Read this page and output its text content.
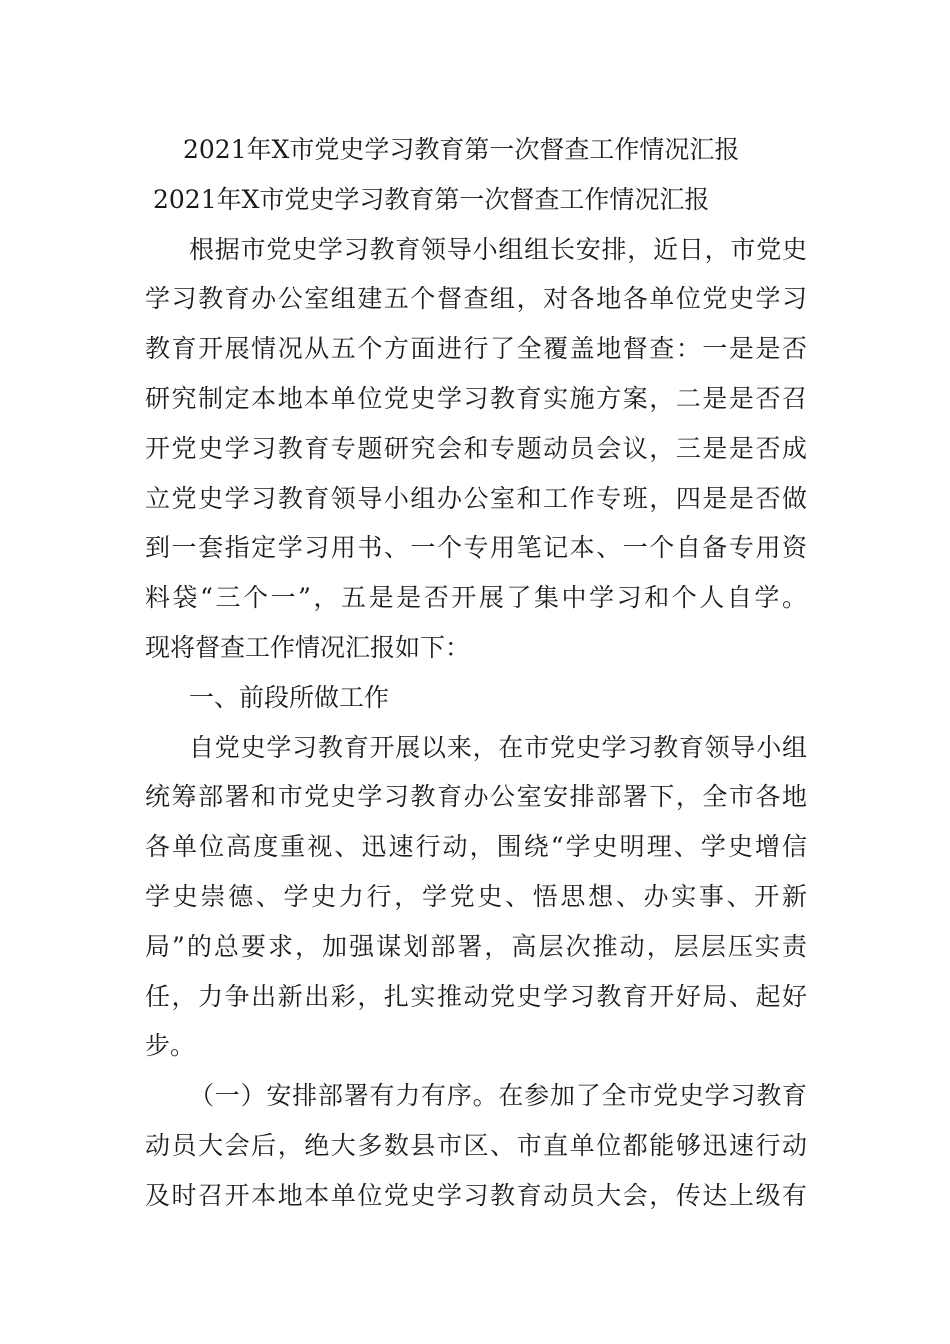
2021年X市党史学习教育第一次督查工作情况汇报
2021年X市党史学习教育第一次督查工作情况汇报
根据市党史学习教育领导小组组长安排，近日，市党史
学习教育办公室组建五个督查组，对各地各单位党史学习
教育开展情况从五个方面进行了全覆盖地督查：一是是否
研究制定本地本单位党史学习教育实施方案，二是是否召
开党史学习教育专题研究会和专题动员会议，三是是否成
立党史学习教育领导小组办公室和工作专班，四是是否做
到一套指定学习用书、一个专用笔记本、一个自备专用资
料袋“三个一”，五是是否开展了集中学习和个人自学。
现将督查工作情况汇报如下：
一、前段所做工作
自党史学习教育开展以来，在市党史学习教育领导小组
统筹部署和市党史学习教育办公室安排部署下，全市各地
各单位高度重视、迅速行动，围绕“学史明理、学史增信
学史崇德、学史力行，学党史、悟思想、办实事、开新
局”的总要求，加强谋划部署，高层次推动，层层压实责
任，力争出新出彩，扎实推动党史学习教育开好局、起好
步。
（一）安排部署有力有序。在参加了全市党史学习教育
动员大会后，绝大多数县市区、市直单位都能够迅速行动
及时召开本地本单位党史学习教育动员大会，传达上级有
